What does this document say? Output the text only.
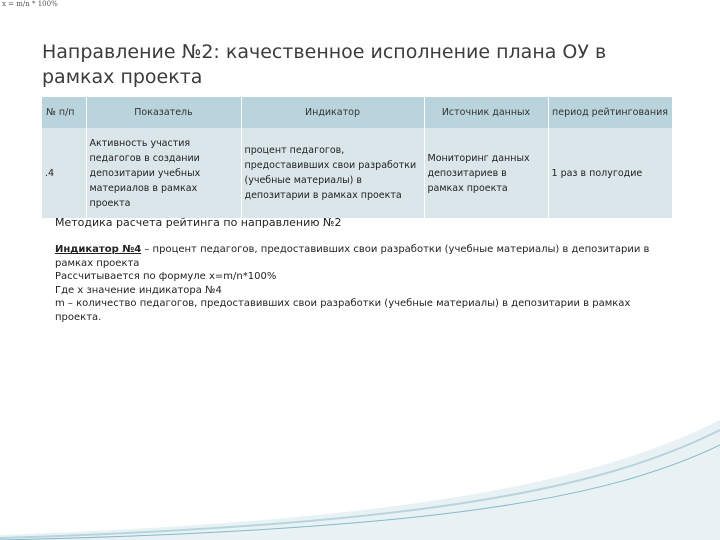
x = m/n * 100%
Направление №2: качественное исполнение плана ОУ в рамках проекта
№ п/п	Показатель	Индикатор	Источник данных	период рейтингования
.4	Активность участия педагогов в создании депозитарии учебных материалов в рамках проекта	процент педагогов, предоставивших свои разработки (учебные материалы) в депозитарии в рамках проекта	Мониторинг данных депозитариев в рамках проекта	1 раз в полугодие
Методика расчета рейтинга по направлению №2
Индикатор №4 – процент педагогов, предоставивших свои разработки (учебные материалы) в депозитарии в рамках проекта
Рассчитывается по формуле x=m/n*100%
Где x значение индикатора №4
m – количество педагогов, предоставивших свои разработки (учебные материалы) в депозитарии в рамках проекта.
